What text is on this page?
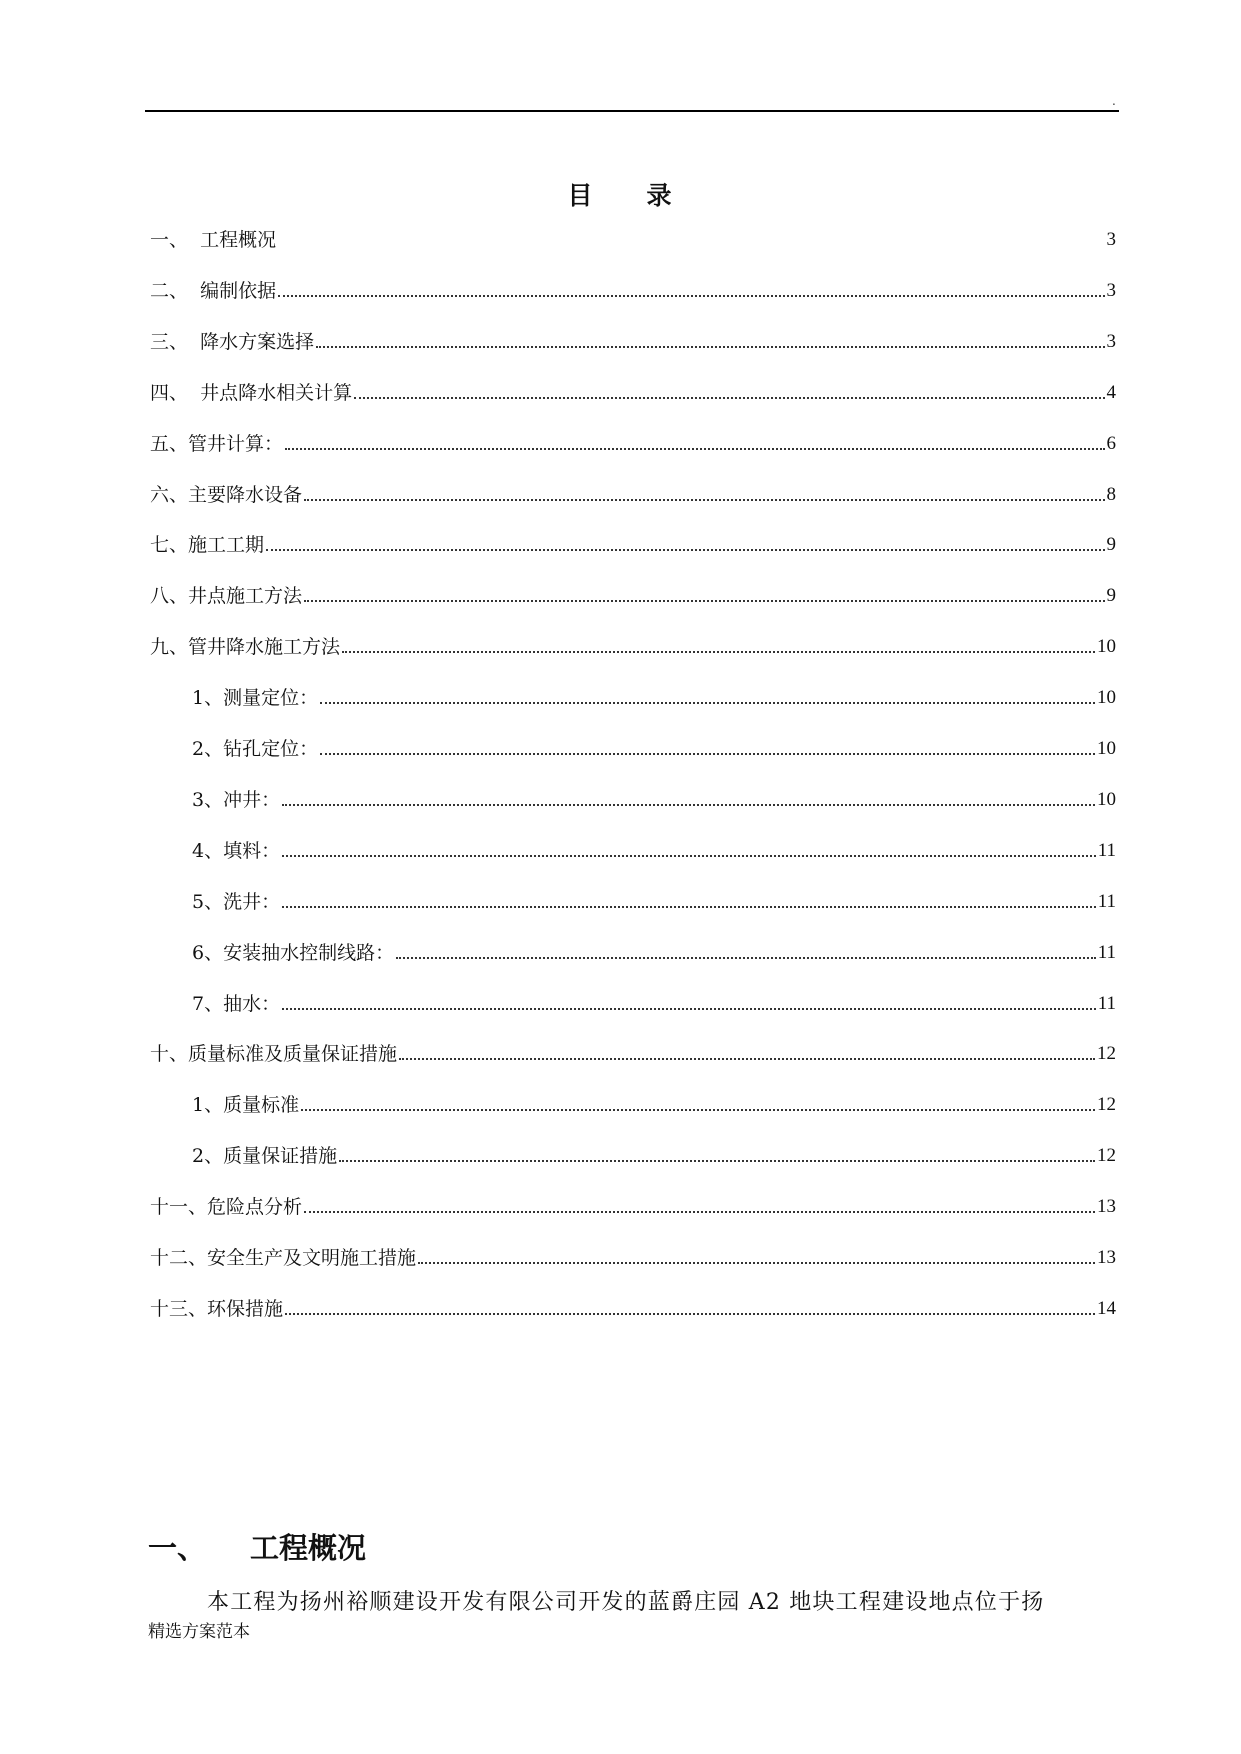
.
目 录
一、  工程概况	3
二、  编制依据	3
三、  降水方案选择	3
四、  井点降水相关计算	4
五、管井计算：	6
六、主要降水设备	8
七、施工工期	9
八、井点施工方法	9
九、管井降水施工方法	10
1、测量定位：	10
2、钻孔定位：	10
3、冲井：	10
4、填料：	11
5、洗井：	11
6、安装抽水控制线路：	11
7、抽水：	11
十、质量标准及质量保证措施	12
1、质量标准	12
2、质量保证措施	12
十一、危险点分析	13
十二、安全生产及文明施工措施	13
十三、环保措施	14
一、 工程概况
本工程为扬州裕顺建设开发有限公司开发的蓝爵庄园 A2 地块工程建设地点位于扬
精选方案范本
